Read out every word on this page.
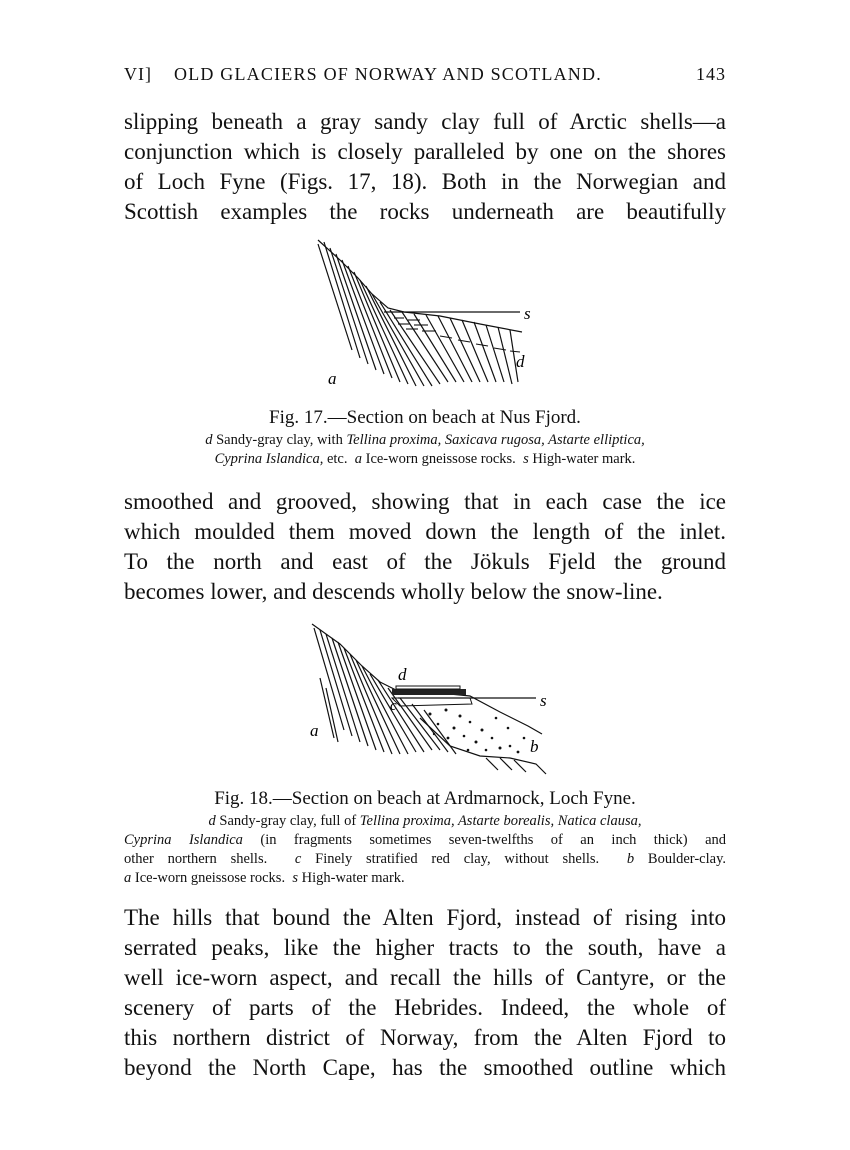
VI] OLD GLACIERS OF NORWAY AND SCOTLAND.	143
slipping beneath a gray sandy clay full of Arctic shells—a
conjunction which is closely paralleled by one on the shores
of Loch Fyne (Figs. 17, 18). Both in the Norwegian and
Scottish examples the rocks underneath are beautifully
s
d
a
Fig. 17.—Section on beach at Nus Fjord.
d Sandy-gray clay, with Tellina proxima, Saxicava rugosa, Astarte elliptica,
Cyprina Islandica, etc. a Ice-worn gneissose rocks. s High-water mark.
smoothed and grooved, showing that in each case the ice
which moulded them moved down the length of the inlet.
To the north and east of the Jökuls Fjeld the ground
becomes lower, and descends wholly below the snow-line.
d
c	s
a
b
Fig. 18.—Section on beach at Ardmarnock, Loch Fyne.
d Sandy-gray clay, full of Tellina proxima, Astarte borealis, Natica clausa,
Cyprina Islandica (in fragments sometimes seven-twelfths of an inch thick) and
other northern shells. c Finely stratified red clay, without shells. b Boulder-clay.
a Ice-worn gneissose rocks. s High-water mark.
The hills that bound the Alten Fjord, instead of rising into
serrated peaks, like the higher tracts to the south, have a
well ice-worn aspect, and recall the hills of Cantyre, or the
scenery of parts of the Hebrides. Indeed, the whole of
this northern district of Norway, from the Alten Fjord to
beyond the North Cape, has the smoothed outline which
